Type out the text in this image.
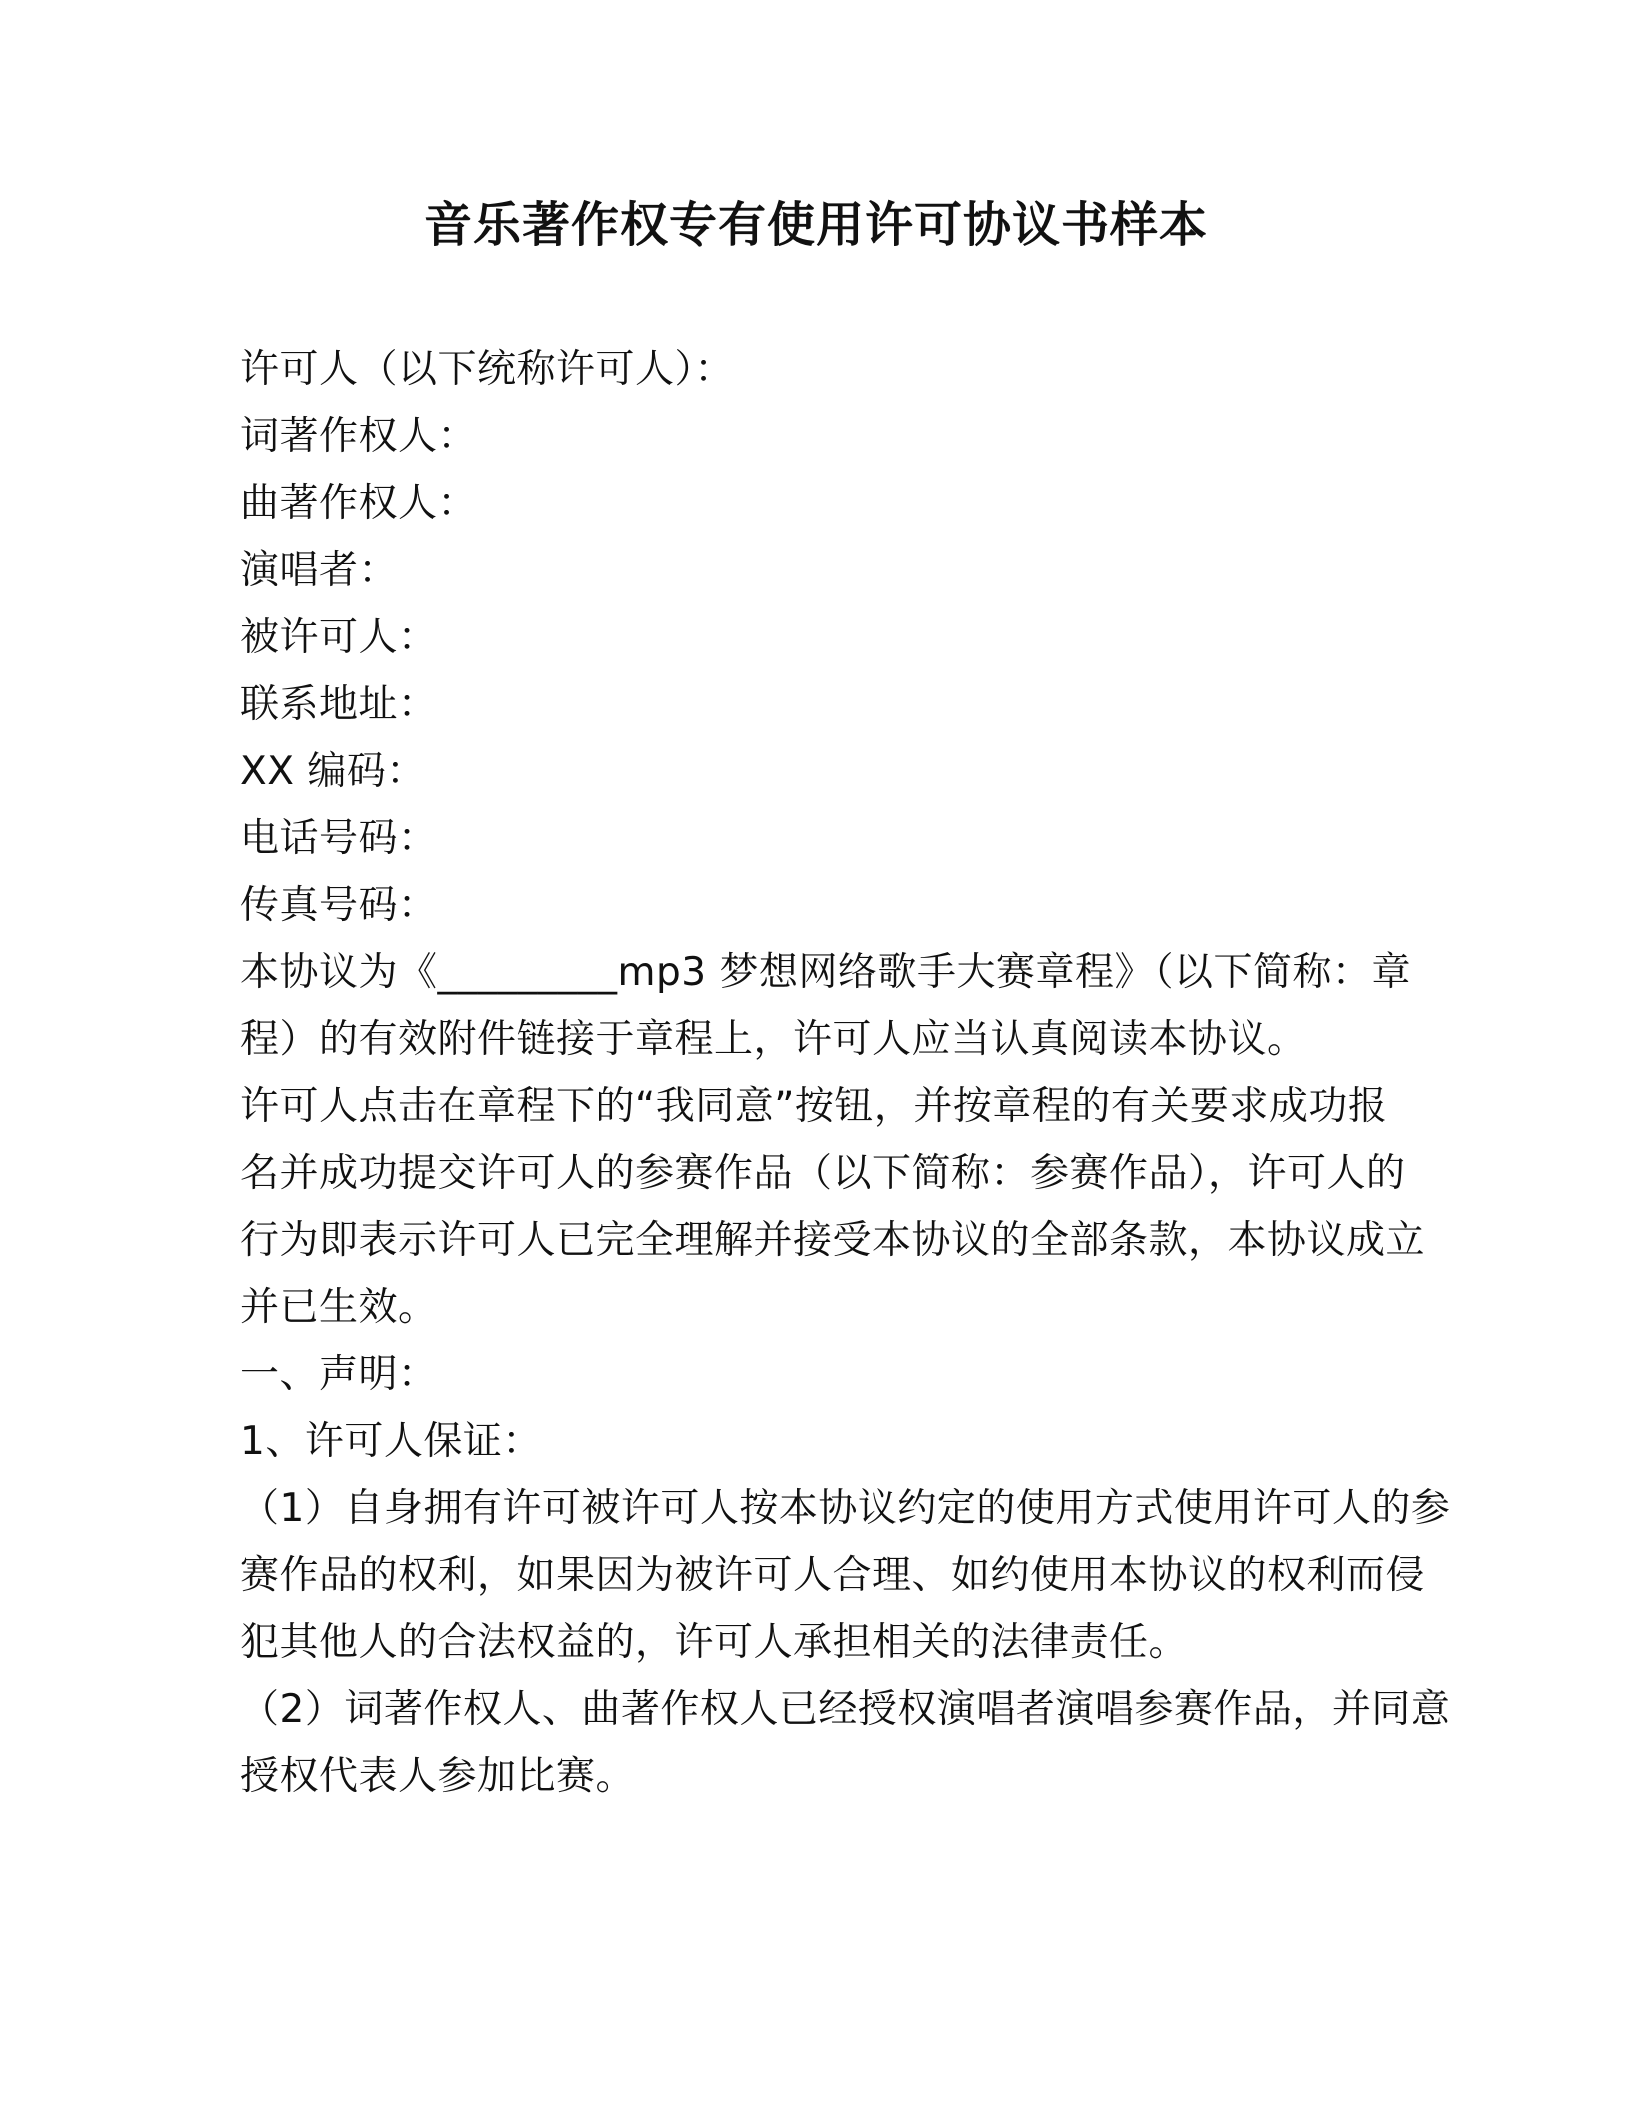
音乐著作权专有使用许可协议书样本
许可人（以下统称许可人）：
词著作权人：
曲著作权人：
演唱者：
被许可人：
联系地址：
XX 编码：
电话号码：
传真号码：
本协议为《_________mp3 梦想网络歌手大赛章程》（以下简称：章
程）的有效附件链接于章程上，许可人应当认真阅读本协议。
许可人点击在章程下的“我同意”按钮，并按章程的有关要求成功报
名并成功提交许可人的参赛作品（以下简称：参赛作品），许可人的
行为即表示许可人已完全理解并接受本协议的全部条款，本协议成立
并已生效。
一、声明：
1、许可人保证：
（1）自身拥有许可被许可人按本协议约定的使用方式使用许可人的参
赛作品的权利，如果因为被许可人合理、如约使用本协议的权利而侵
犯其他人的合法权益的，许可人承担相关的法律责任。
（2）词著作权人、曲著作权人已经授权演唱者演唱参赛作品，并同意
授权代表人参加比赛。
